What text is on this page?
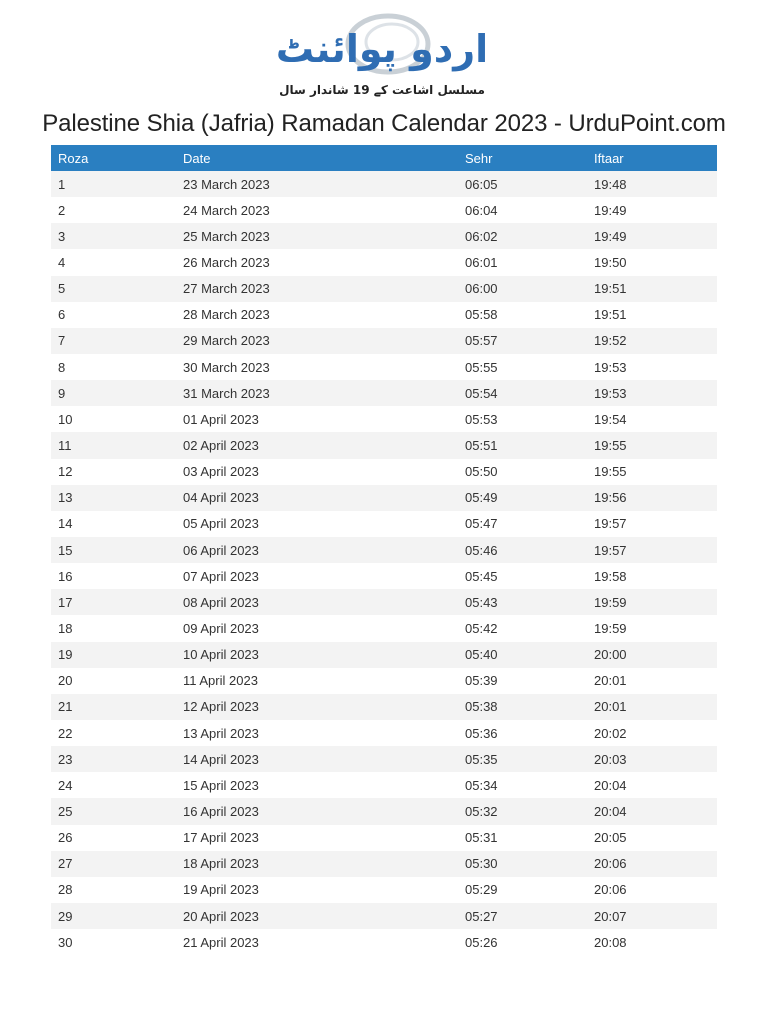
اردو پوائنٹ
مسلسل اشاعت کے 19 شاندار سال
Palestine Shia (Jafria) Ramadan Calendar 2023 - UrduPoint.com
Roza	Date	Sehr	Iftaar
1	23 March 2023	06:05	19:48
2	24 March 2023	06:04	19:49
3	25 March 2023	06:02	19:49
4	26 March 2023	06:01	19:50
5	27 March 2023	06:00	19:51
6	28 March 2023	05:58	19:51
7	29 March 2023	05:57	19:52
8	30 March 2023	05:55	19:53
9	31 March 2023	05:54	19:53
10	01 April 2023	05:53	19:54
11	02 April 2023	05:51	19:55
12	03 April 2023	05:50	19:55
13	04 April 2023	05:49	19:56
14	05 April 2023	05:47	19:57
15	06 April 2023	05:46	19:57
16	07 April 2023	05:45	19:58
17	08 April 2023	05:43	19:59
18	09 April 2023	05:42	19:59
19	10 April 2023	05:40	20:00
20	11 April 2023	05:39	20:01
21	12 April 2023	05:38	20:01
22	13 April 2023	05:36	20:02
23	14 April 2023	05:35	20:03
24	15 April 2023	05:34	20:04
25	16 April 2023	05:32	20:04
26	17 April 2023	05:31	20:05
27	18 April 2023	05:30	20:06
28	19 April 2023	05:29	20:06
29	20 April 2023	05:27	20:07
30	21 April 2023	05:26	20:08
